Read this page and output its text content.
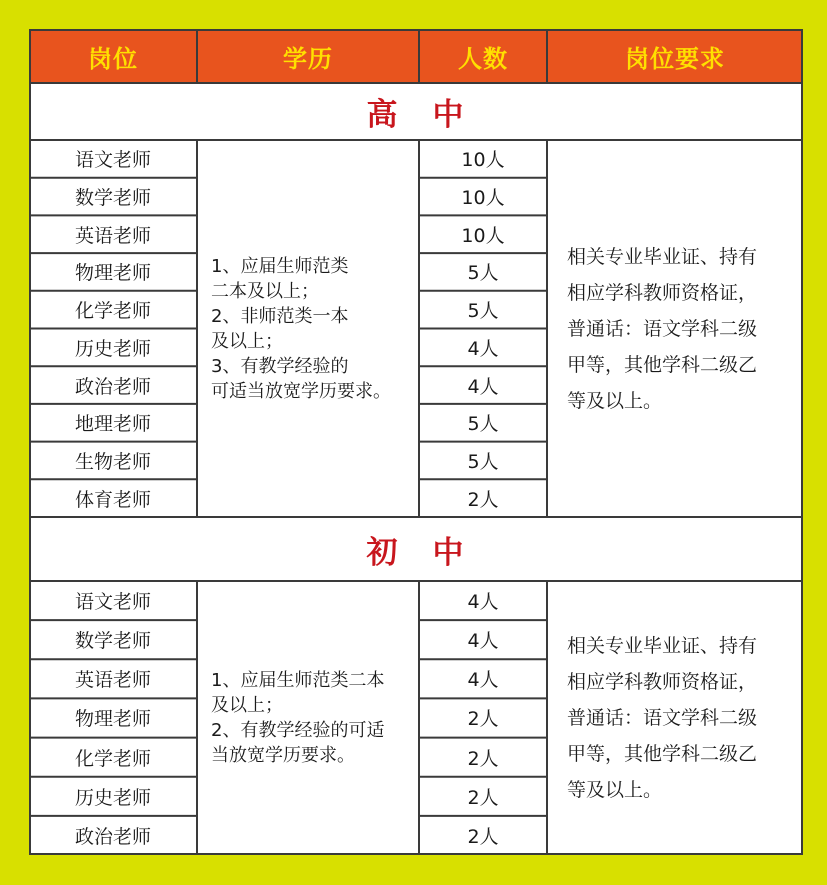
岗位	学历	人数	岗位要求
高　中
语文老师	10人
数学老师	10人
英语老师	10人
物理老师	5人
化学老师	5人
历史老师	4人
政治老师	4人
地理老师	5人
生物老师	5人
体育老师	2人
1、应届生师范类
二本及以上；
2、非师范类一本
及以上；
3、有教学经验的
可适当放宽学历要求。
相关专业毕业证、持有
相应学科教师资格证，
普通话：语文学科二级
甲等，其他学科二级乙
等及以上。
初　中
语文老师	4人
数学老师	4人
英语老师	4人
物理老师	2人
化学老师	2人
历史老师	2人
政治老师	2人
1、应届生师范类二本
及以上；
2、有教学经验的可适
当放宽学历要求。
相关专业毕业证、持有
相应学科教师资格证，
普通话：语文学科二级
甲等，其他学科二级乙
等及以上。
